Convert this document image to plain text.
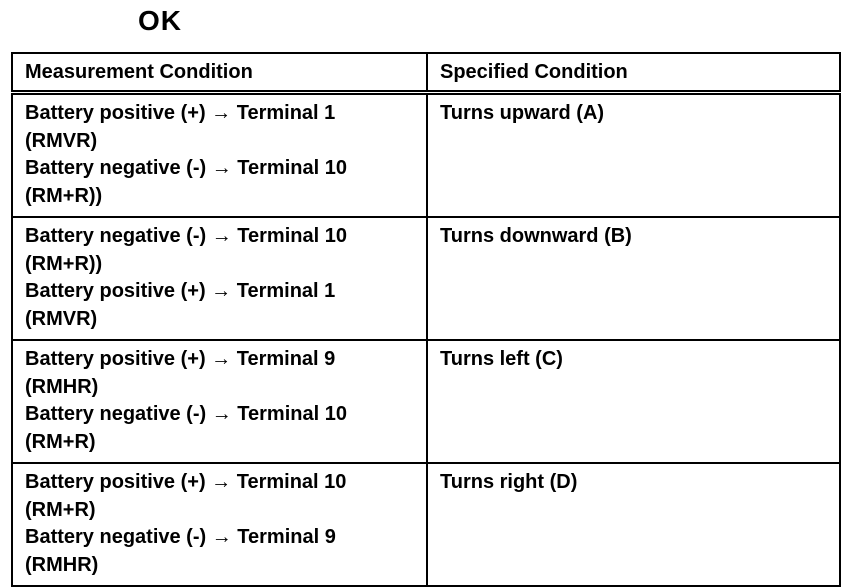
OK
Measurement Condition	Specified Condition

Battery positive (+) → Terminal 1
(RMVR)
Battery negative (-) → Terminal 10
(RM+R))	Turns upward (A)

Battery negative (-) → Terminal 10
(RM+R))
Battery positive (+) → Terminal 1
(RMVR)	Turns downward (B)

Battery positive (+) → Terminal 9
(RMHR)
Battery negative (-) → Terminal 10
(RM+R)	Turns left (C)

Battery positive (+) → Terminal 10
(RM+R)
Battery negative (-) → Terminal 9
(RMHR)	Turns right (D)
